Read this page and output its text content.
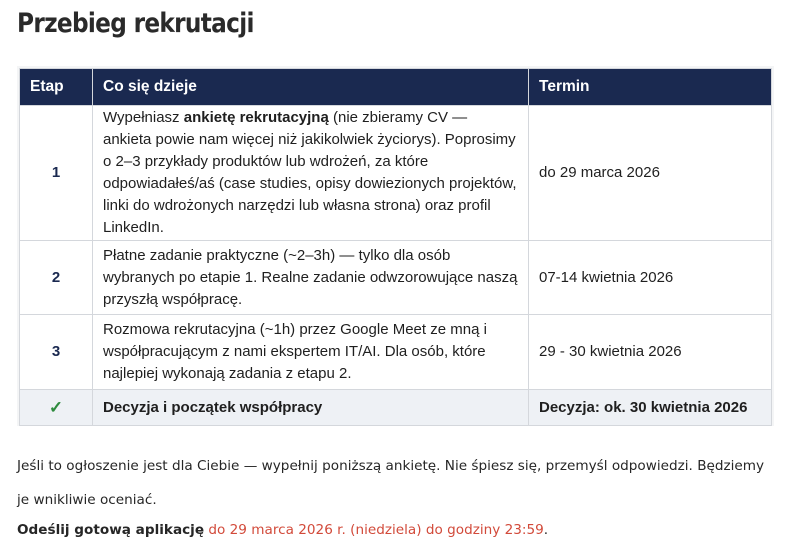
Przebieg rekrutacji
Etap	Co się dzieje	Termin
1	Wypełniasz ankietę rekrutacyjną (nie zbieramy CV — ankieta powie nam więcej niż jakikolwiek życiorys). Poprosimy o 2–3 przykłady produktów lub wdrożeń, za które odpowiadałeś/aś (case studies, opisy dowiezionych projektów, linki do wdrożonych narzędzi lub własna strona) oraz profil LinkedIn.	do 29 marca 2026
2	Płatne zadanie praktyczne (~2–3h) — tylko dla osób wybranych po etapie 1. Realne zadanie odwzorowujące naszą przyszłą współpracę.	07-14 kwietnia 2026
3	Rozmowa rekrutacyjna (~1h) przez Google Meet ze mną i współpracującym z nami ekspertem IT/AI. Dla osób, które najlepiej wykonają zadania z etapu 2.	29 - 30 kwietnia 2026
✓	Decyzja i początek współpracy	Decyzja: ok. 30 kwietnia 2026

Jeśli to ogłoszenie jest dla Ciebie — wypełnij poniższą ankietę. Nie śpiesz się, przemyśl odpowiedzi. Będziemy je wnikliwie oceniać.

Odeślij gotową aplikację do 29 marca 2026 r. (niedziela) do godziny 23:59.
